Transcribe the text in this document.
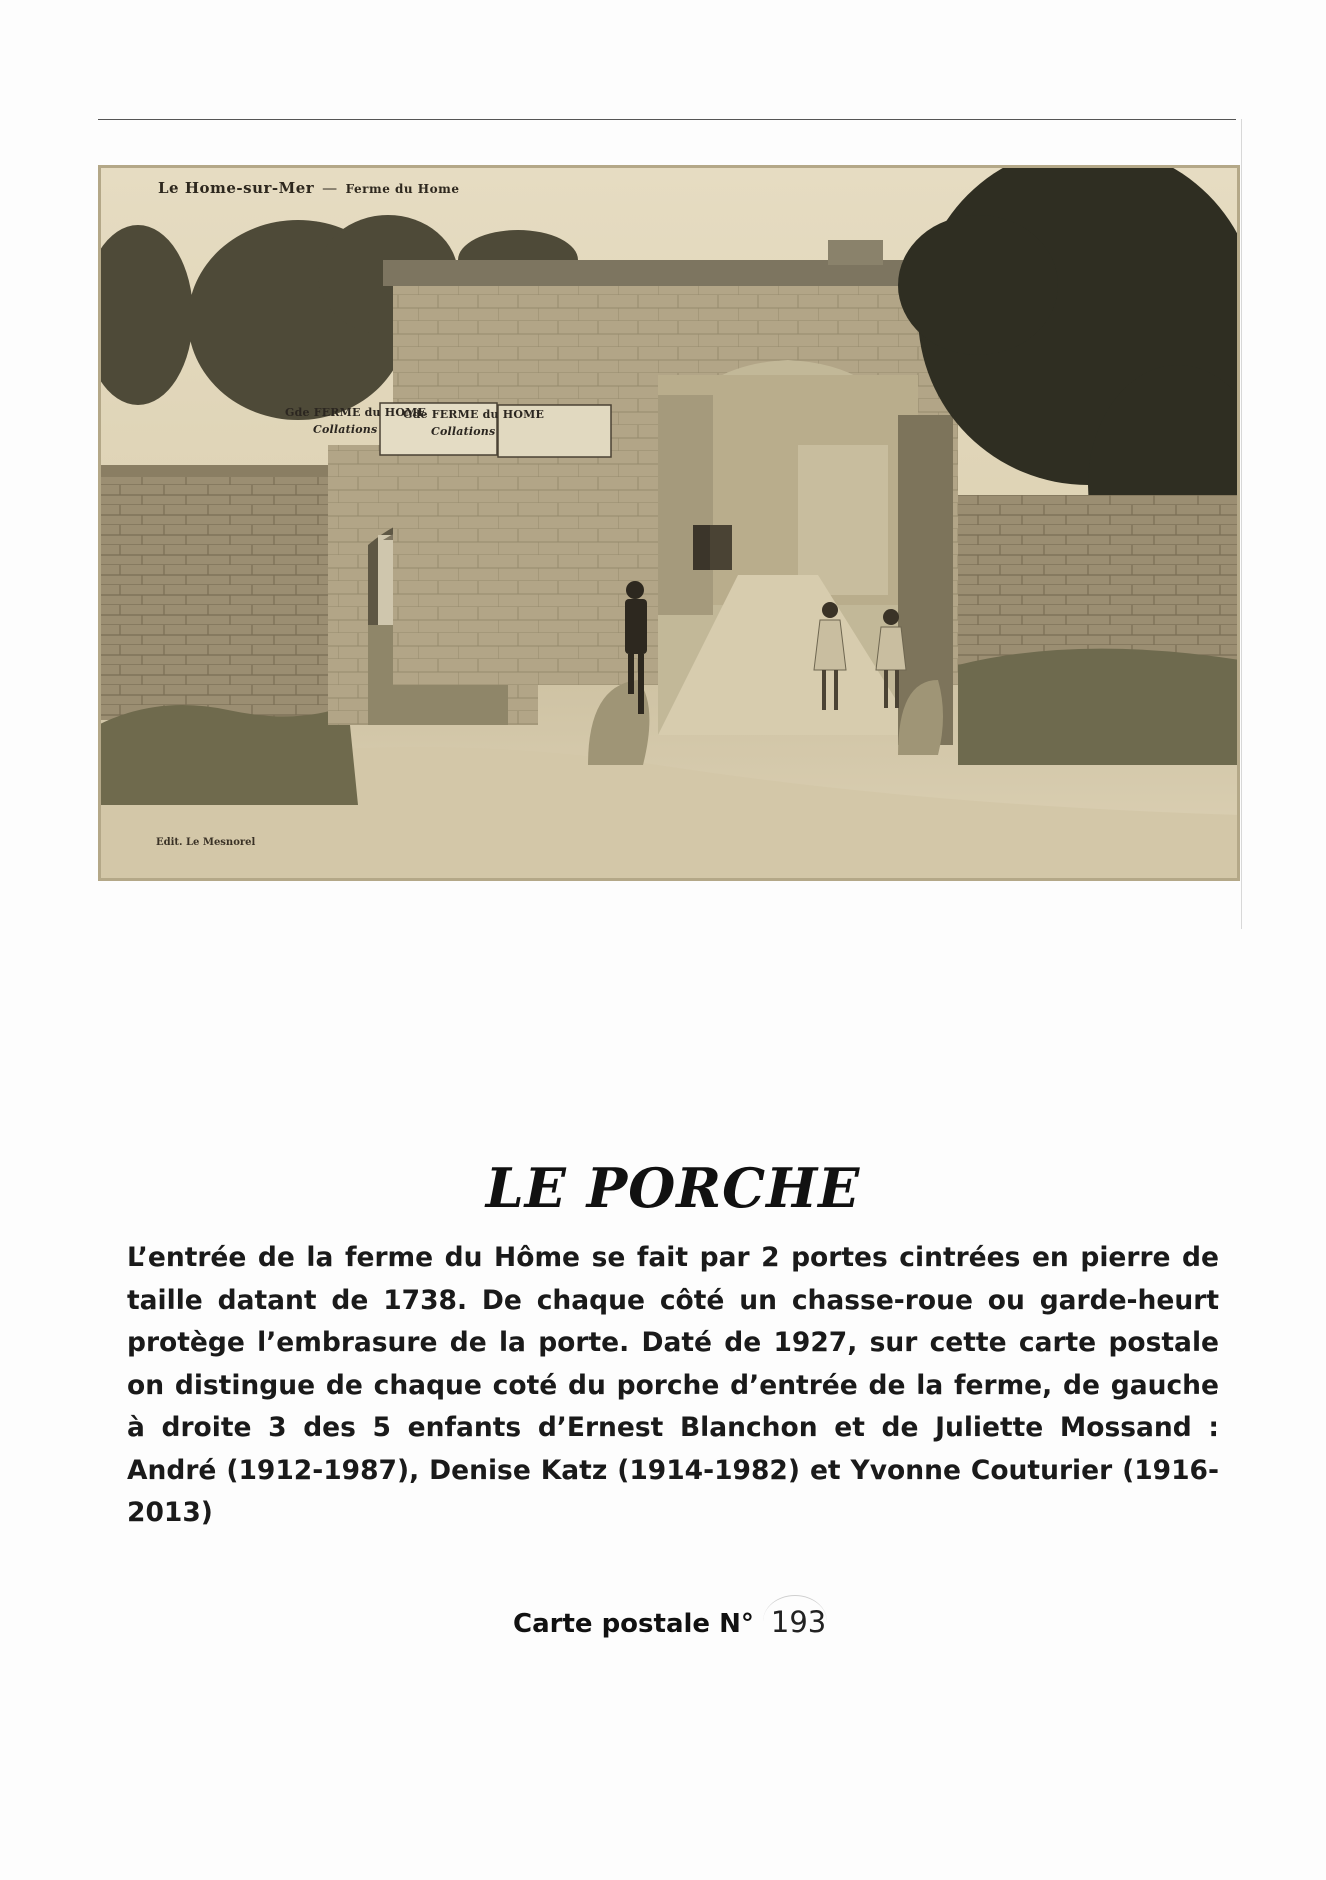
Le Home-sur-Mer — Ferme du Home
Gde FERME du HOME
Collations
Gde FERME du HOME
Collations
Edit. Le Mesnorel
LE PORCHE

L’entrée de la ferme du Hôme se fait par 2 portes cintrées en pierre de taille datant de 1738. De chaque côté un chasse-roue ou garde-heurt protège l’embrasure de la porte. Daté de 1927, sur cette carte postale on distingue de chaque coté du porche d’entrée de la ferme, de gauche à droite 3 des 5 enfants d’Ernest Blanchon et de Juliette Mossand : André (1912-1987), Denise Katz (1914-1982) et Yvonne Couturier (1916-2013)

Carte postale N° 193
